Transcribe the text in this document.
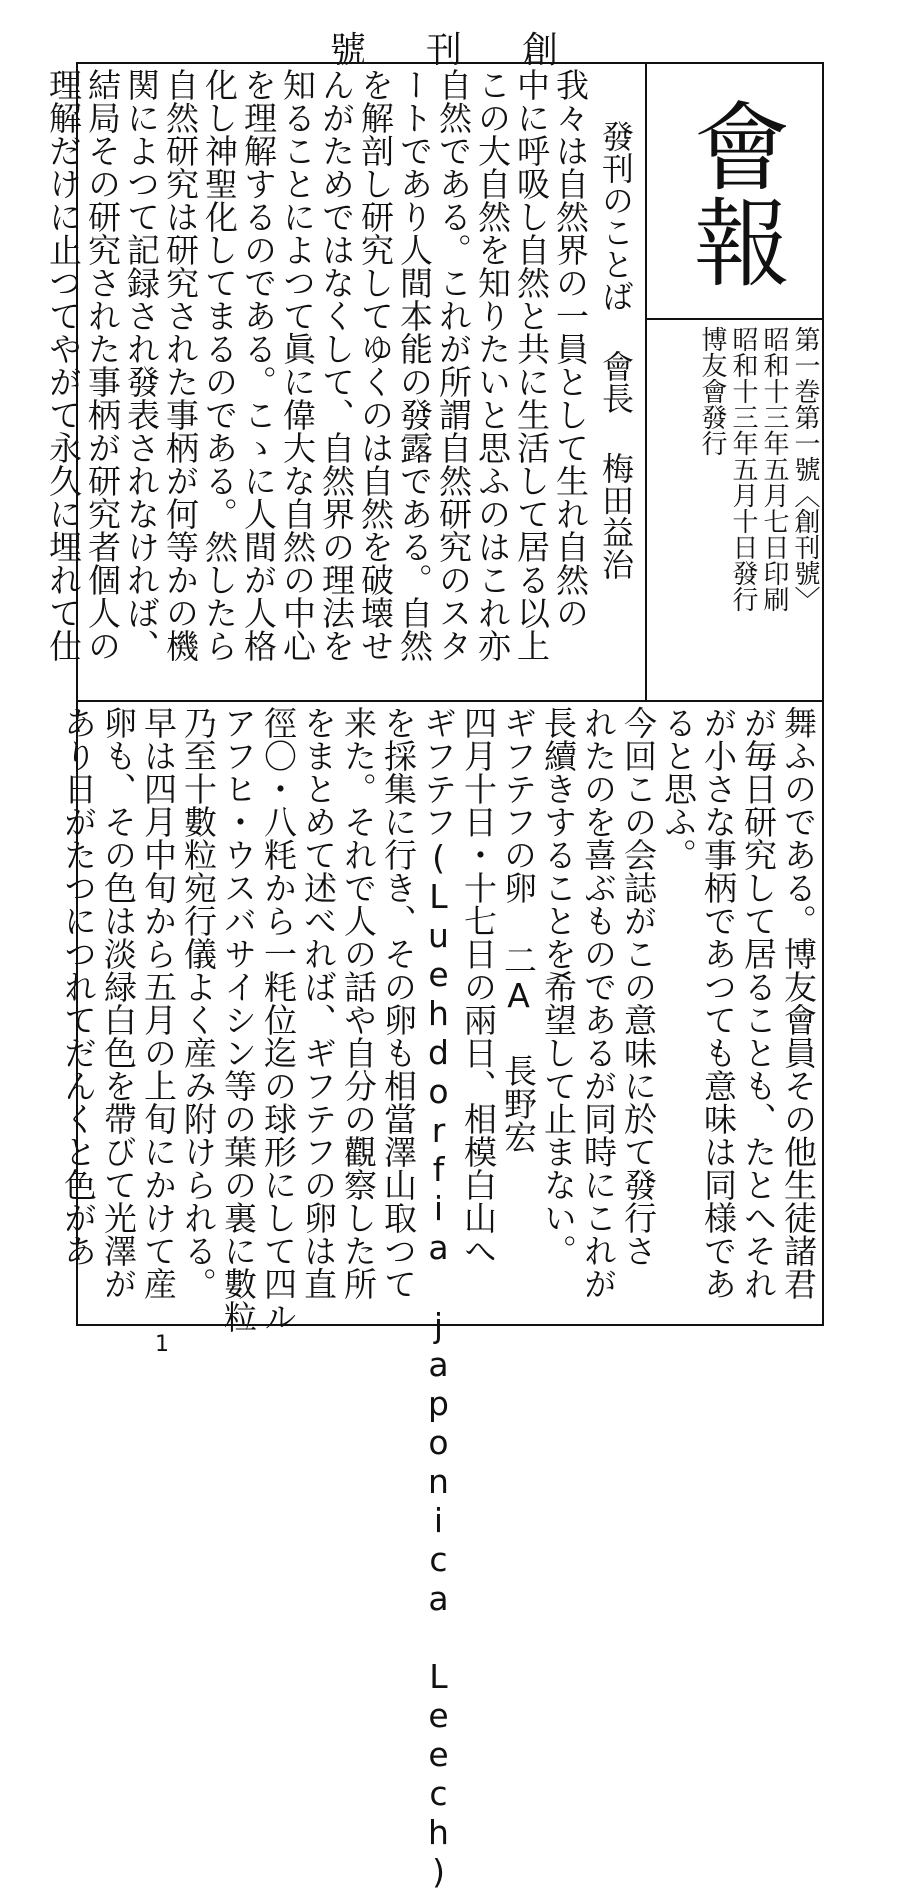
號刊創
會報
第一巻第一號〈創刊號〉
昭和十三年五月七日印刷
昭和十三年五月十日發行
博友會發行
發刊のことば 會長 梅田益治
我々は自然界の一員として生れ自然の
中に呼吸し自然と共に生活して居る以上
この大自然を知りたいと思ふのはこれ亦
自然である。これが所謂自然研究のスタ
ートであり人間本能の發露である。自然
を解剖し研究してゆくのは自然を破壊せ
んがためではなくして、自然界の理法を
知ることによつて眞に偉大な自然の中心
を理解するのである。こゝに人間が人格
化し神聖化してまるのである。然したら
自然研究は研究された事柄が何等かの機
関によつて記録され發表されなければ、
結局その研究された事柄が研究者個人の
理解だけに止つてやがて永久に埋れて仕
舞ふのである。博友會員その他生徒諸君
が毎日研究して居ることも、たとへそれ
が小さな事柄であつても意味は同様であ
ると思ふ。
今回この会誌がこの意味に於て發行さ
れたのを喜ぶものであるが同時にこれが
長續きすることを希望して止まない。
ギフテフの卵 二A 長野宏
四月十日・十七日の兩日、相模白山へ
ギフテフ(Luehdorfia japonica Leech)
を採集に行き、その卵も相當澤山取つて
来た。それで人の話や自分の觀察した所
をまとめて述べれば、ギフテフの卵は直
徑〇・八粍から一粍位迄の球形にして四ル
アフヒ・ウスバサイシン等の葉の裏に數粒
乃至十數粒宛行儀よく産み附けられる。
早は四月中旬から五月の上旬にかけて産
卵も、その色は淡緑白色を帶びて光澤が
あり日がたつにつれてだんくと色があ
1
